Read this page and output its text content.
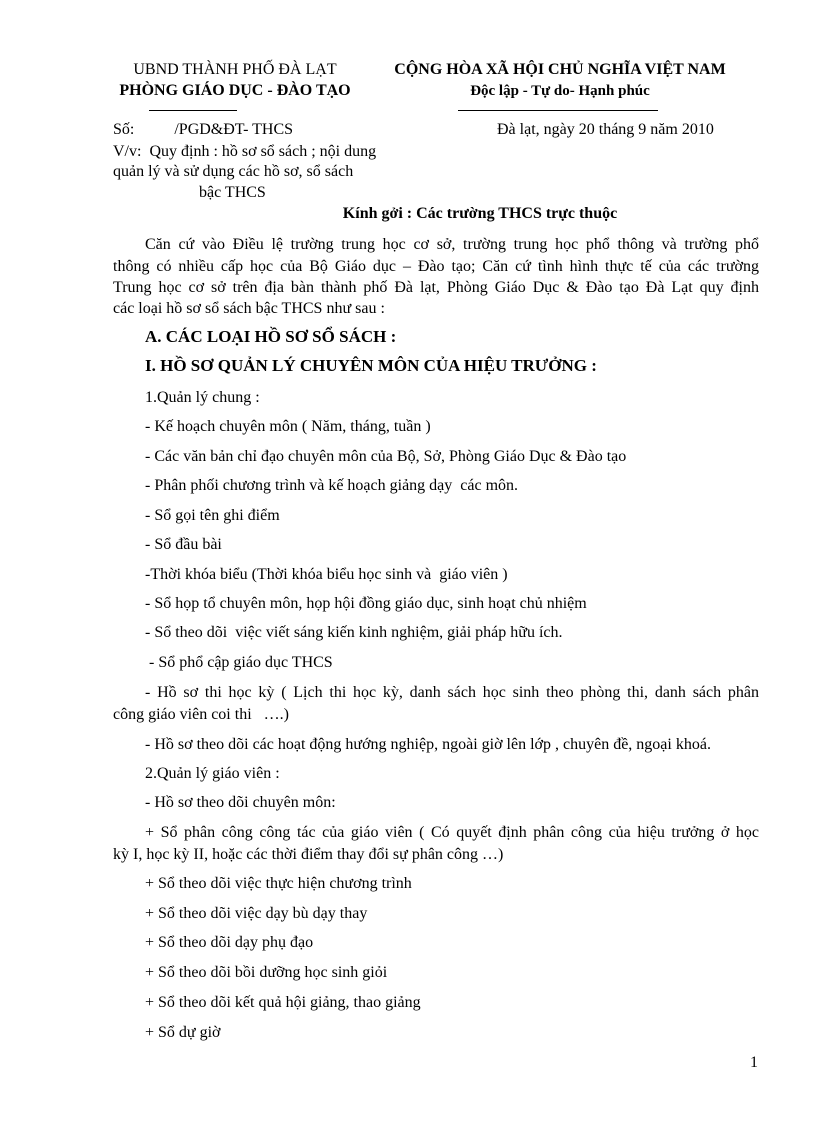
UBND THÀNH PHỐ ĐÀ LẠT
PHÒNG GIÁO DỤC - ĐÀO TẠO
CỘNG HÒA XÃ HỘI CHỦ NGHĨA VIỆT NAM
Độc lập - Tự do- Hạnh phúc
Số:          /PGD&ĐT- THCS	Đà lạt, ngày 20 tháng 9 năm 2010
V/v:  Quy định : hồ sơ sổ sách ; nội dung
quản lý và sử dụng các hồ sơ, sổ sách
bậc THCS
Kính gởi : Các trường THCS trực thuộc
Căn cứ vào Điều lệ trường trung học cơ sở, trường trung học phổ thông và trường phổ
thông có nhiều cấp học của Bộ Giáo dục – Đào tạo; Căn cứ tình hình thực tế của các trường
Trung học cơ sở trên địa bàn thành phố Đà lạt, Phòng Giáo Dục & Đào tạo Đà Lạt quy định
các loại hồ sơ sổ sách bậc THCS như sau :
A. CÁC LOẠI HỒ SƠ SỔ SÁCH :
I. HỒ SƠ QUẢN LÝ CHUYÊN MÔN CỦA HIỆU TRƯỞNG :
1.Quản lý chung :
- Kế hoạch chuyên môn ( Năm, tháng, tuần )
- Các văn bản chỉ đạo chuyên môn của Bộ, Sở, Phòng Giáo Dục & Đào tạo
- Phân phối chương trình và kế hoạch giảng dạy  các môn.
- Sổ gọi tên ghi điểm
- Sổ đầu bài
-Thời khóa biểu (Thời khóa biểu học sinh và  giáo viên )
- Sổ họp tổ chuyên môn, họp hội đồng giáo dục, sinh hoạt chủ nhiệm
- Sổ theo dõi  việc viết sáng kiến kinh nghiệm, giải pháp hữu ích.
- Sổ phổ cập giáo dục THCS
- Hồ sơ thi học kỳ ( Lịch thi học kỳ, danh sách học sinh theo phòng thi, danh sách phân
công giáo viên coi thi   ….)
- Hồ sơ theo dõi các hoạt động hướng nghiệp, ngoài giờ lên lớp , chuyên đề, ngoại khoá.
2.Quản lý giáo viên :
- Hồ sơ theo dõi chuyên môn:
+ Sổ phân công công tác của giáo viên ( Có quyết định phân công của hiệu trưởng ở học
kỳ I, học kỳ II, hoặc các thời điểm thay đổi sự phân công …)
+ Sổ theo dõi việc thực hiện chương trình
+ Sổ theo dõi việc dạy bù dạy thay
+ Sổ theo dõi dạy phụ đạo
+ Sổ theo dõi bồi dưỡng học sinh giỏi
+ Sổ theo dõi kết quả hội giảng, thao giảng
+ Sổ dự giờ
1
